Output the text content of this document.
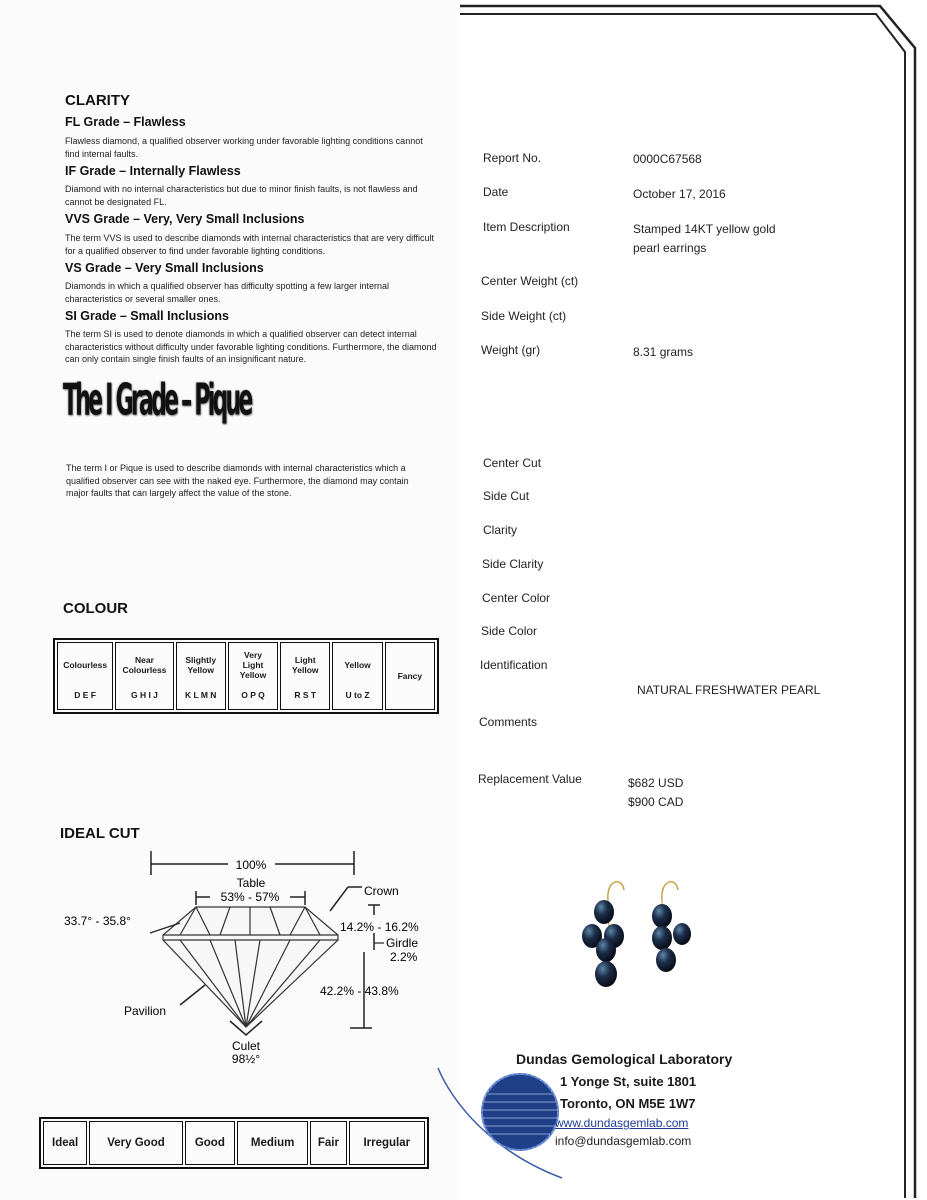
CLARITY
FL Grade – Flawless
Flawless diamond, a qualified observer working under favorable lighting conditions cannot find internal faults.
IF Grade – Internally Flawless
Diamond with no internal characteristics but due to minor finish faults, is not flawless and cannot be designated FL.
VVS Grade – Very, Very Small Inclusions
The term VVS is used to describe diamonds with internal characteristics that are very difficult for a qualified observer to find under favorable lighting conditions.
VS Grade – Very Small Inclusions
Diamonds in which a qualified observer has difficulty spotting a few larger internal characteristics or several smaller ones.
SI Grade – Small Inclusions
The term SI is used to denote diamonds in which a qualified observer can detect internal characteristics without difficulty under favorable lighting conditions. Furthermore, the diamond can only contain single finish faults of an insignificant nature.
The I Grade – Pique
The term I or Pique is used to describe diamonds with internal characteristics which a qualified observer can see with the naked eye. Furthermore, the diamond may contain major faults that can largely affect the value of the stone.
COLOUR
Colourless
D E F

Near Colourless
G H I J

Slightly Yellow
K L M N

Very Light Yellow
O P Q

Light Yellow
R S T

Yellow
U to Z

Fancy
IDEAL CUT
100%
Table
53% - 57%	Crown
33.7° - 35.8°	14.2% - 16.2%
Girdle
2.2%
42.2% - 43.8%
Pavilion
Culet
98½°
Ideal	Very Good	Good	Medium	Fair	Irregular
Report No.	0000C67568
Date	October 17, 2016
Item Description	Stamped 14KT yellow gold
pearl earrings
Center Weight (ct)
Side Weight (ct)
Weight (gr)	8.31 grams
Center Cut
Side Cut
Clarity
Side Clarity
Center Color
Side Color
Identification
NATURAL FRESHWATER PEARL
Comments
Replacement Value	$682 USD
$900 CAD
Dundas Gemological Laboratory
1 Yonge St, suite 1801
Toronto, ON M5E 1W7
www.dundasgemlab.com
info@dundasgemlab.com
